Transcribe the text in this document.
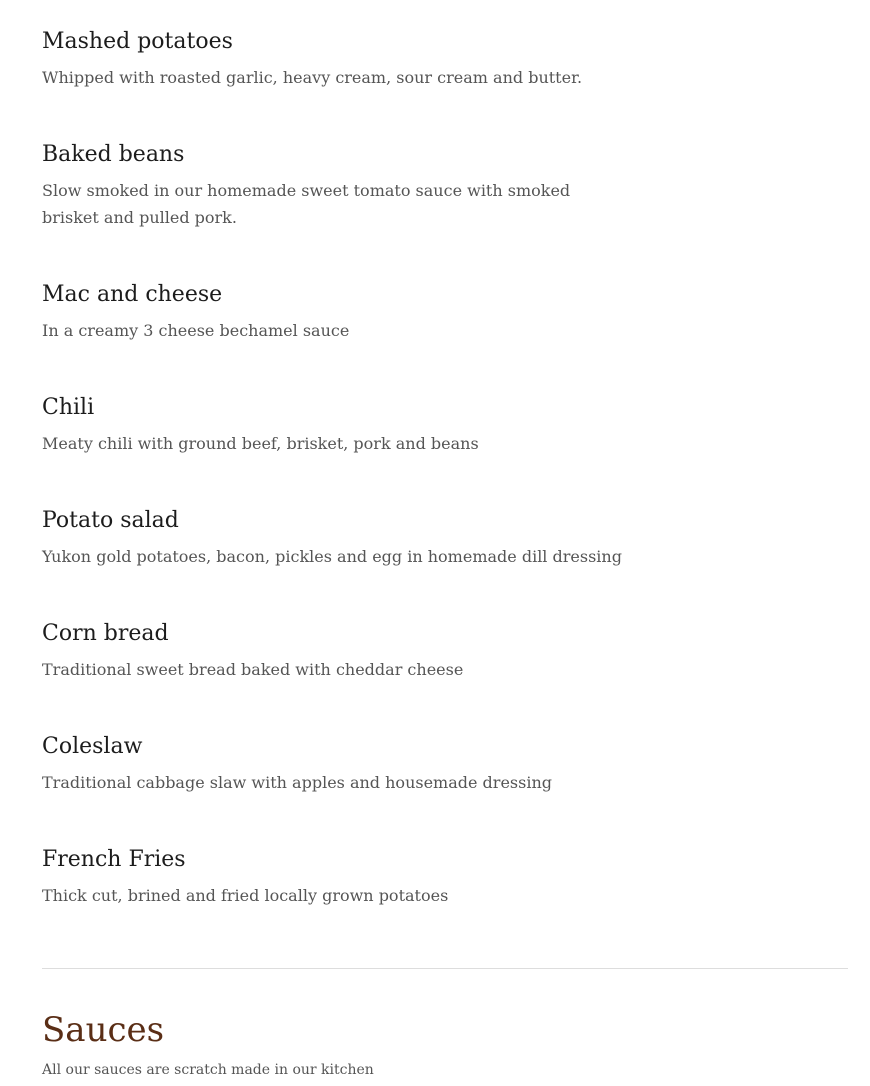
Mashed potatoes

Whipped with roasted garlic, heavy cream, sour cream and butter.

Baked beans

Slow smoked in our homemade sweet tomato sauce with smoked brisket and pulled pork.

Mac and cheese

In a creamy 3 cheese bechamel sauce

Chili

Meaty chili with ground beef, brisket, pork and beans

Potato salad

Yukon gold potatoes, bacon, pickles and egg in homemade dill dressing

Corn bread

Traditional sweet bread baked with cheddar cheese

Coleslaw

Traditional cabbage slaw with apples and housemade dressing

French Fries

Thick cut, brined and fried locally grown potatoes

Sauces

All our sauces are scratch made in our kitchen
